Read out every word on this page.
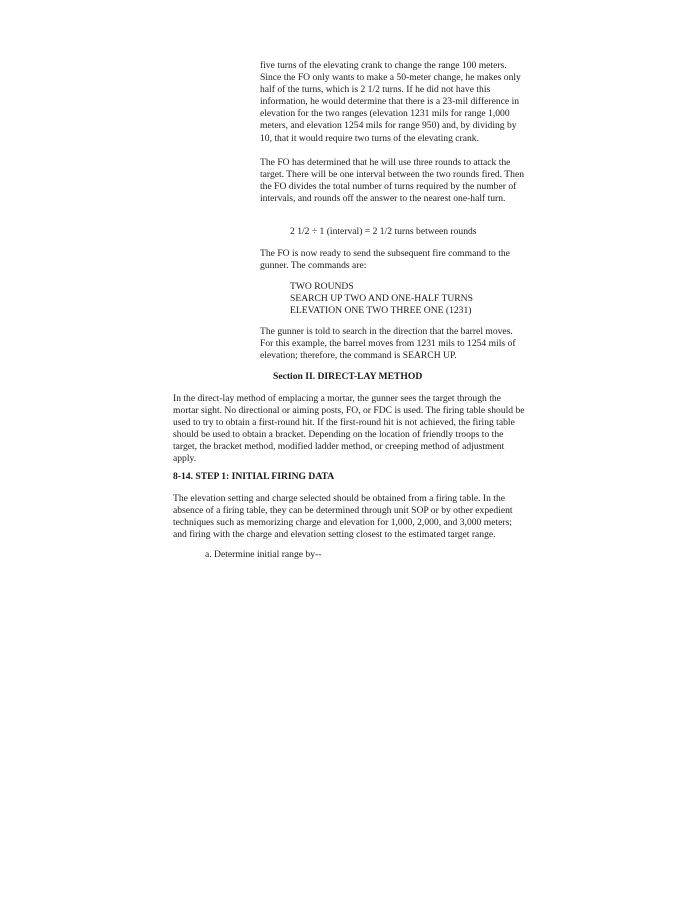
five turns of the elevating crank to change the range 100 meters. Since the FO only wants to make a 50-meter change, he makes only half of the turns, which is 2 1/2 turns. If he did not have this information, he would determine that there is a 23-mil difference in elevation for the two ranges (elevation 1231 mils for range 1,000 meters, and elevation 1254 mils for range 950) and, by dividing by 10, that it would require two turns of the elevating crank.

The FO has determined that he will use three rounds to attack the target. There will be one interval between the two rounds fired. Then the FO divides the total number of turns required by the number of intervals, and rounds off the answer to the nearest one-half turn.

2 1/2 ÷ 1 (interval) = 2 1/2 turns between rounds

The FO is now ready to send the subsequent fire command to the gunner. The commands are:

TWO ROUNDS
SEARCH UP TWO AND ONE-HALF TURNS
ELEVATION ONE TWO THREE ONE (1231)

The gunner is told to search in the direction that the barrel moves. For this example, the barrel moves from 1231 mils to 1254 mils of elevation; therefore, the command is SEARCH UP.

Section II. DIRECT-LAY METHOD

In the direct-lay method of emplacing a mortar, the gunner sees the target through the mortar sight. No directional or aiming posts, FO, or FDC is used. The firing table should be used to try to obtain a first-round hit. If the first-round hit is not achieved, the firing table should be used to obtain a bracket. Depending on the location of friendly troops to the target, the bracket method, modified ladder method, or creeping method of adjustment apply.

8-14. STEP 1: INITIAL FIRING DATA

The elevation setting and charge selected should be obtained from a firing table. In the absence of a firing table, they can be determined through unit SOP or by other expedient techniques such as memorizing charge and elevation for 1,000, 2,000, and 3,000 meters; and firing with the charge and elevation setting closest to the estimated target range.

a. Determine initial range by--
